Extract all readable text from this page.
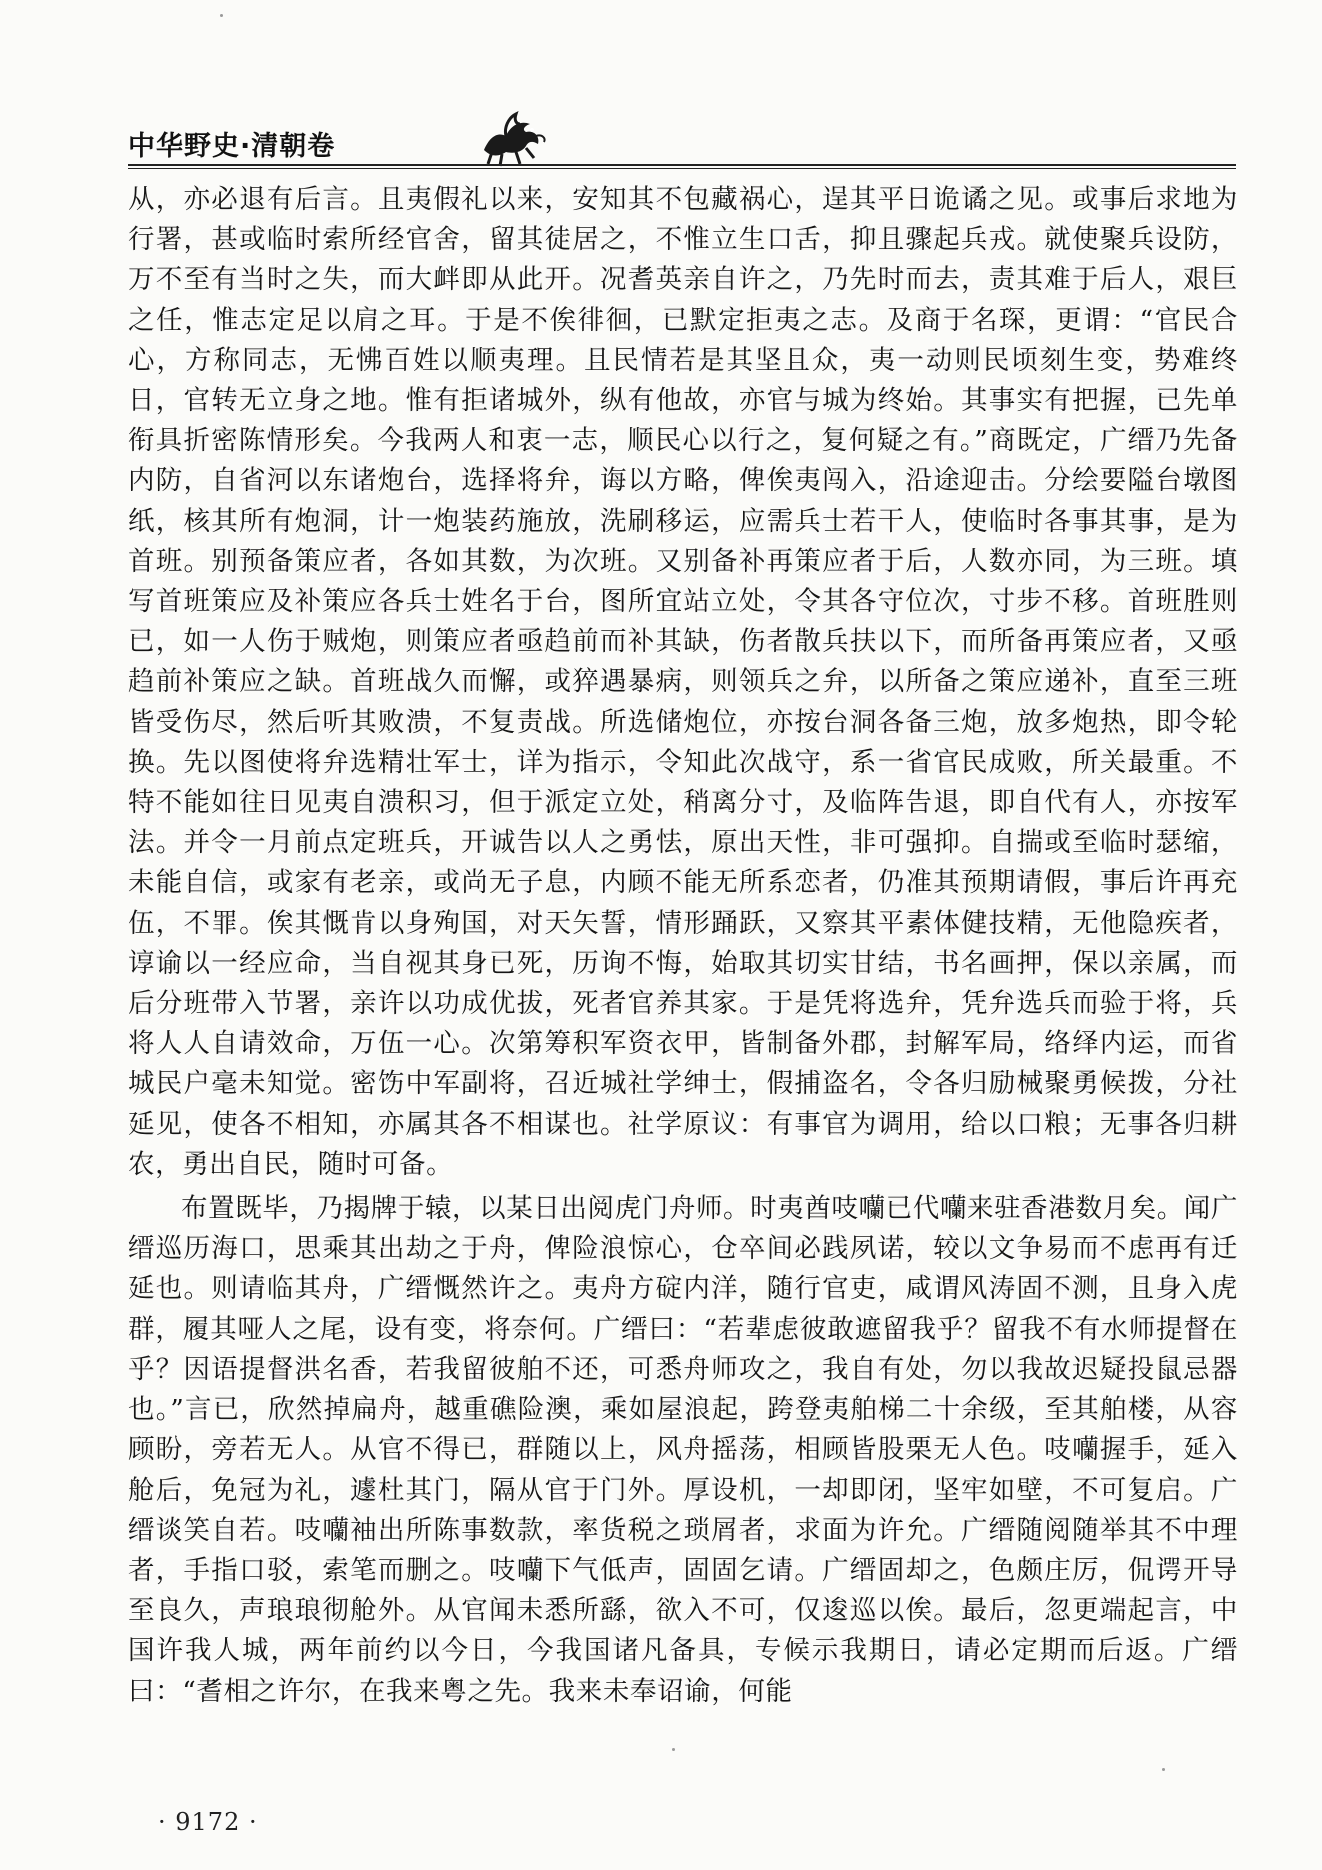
中华野史·清朝卷

从，亦必退有后言。且夷假礼以来，安知其不包藏祸心，逞其平日诡谲之见。或事后求地为行署，甚或临时索所经官舍，留其徒居之，不惟立生口舌，抑且骤起兵戎。就使聚兵设防，万不至有当时之失，而大衅即从此开。况耆英亲自许之，乃先时而去，责其难于后人，艰巨之任，惟志定足以肩之耳。于是不俟徘徊，已默定拒夷之志。及商于名琛，更谓：“官民合心，方称同志，无怫百姓以顺夷理。且民情若是其坚且众，夷一动则民顷刻生变，势难终日，官转无立身之地。惟有拒诸城外，纵有他故，亦官与城为终始。其事实有把握，已先单衔具折密陈情形矣。今我两人和衷一志，顺民心以行之，复何疑之有。”商既定，广缙乃先备内防，自省河以东诸炮台，选择将弁，诲以方略，俾俟夷闯入，沿途迎击。分绘要隘台墩图纸，核其所有炮洞，计一炮装药施放，洗刷移运，应需兵士若干人，使临时各事其事，是为首班。别预备策应者，各如其数，为次班。又别备补再策应者于后，人数亦同，为三班。填写首班策应及补策应各兵士姓名于台，图所宜站立处，令其各守位次，寸步不移。首班胜则已，如一人伤于贼炮，则策应者亟趋前而补其缺，伤者散兵扶以下，而所备再策应者，又亟趋前补策应之缺。首班战久而懈，或猝遇暴病，则领兵之弁，以所备之策应递补，直至三班皆受伤尽，然后听其败溃，不复责战。所选储炮位，亦按台洞各备三炮，放多炮热，即令轮换。先以图使将弁选精壮军士，详为指示，令知此次战守，系一省官民成败，所关最重。不特不能如往日见夷自溃积习，但于派定立处，稍离分寸，及临阵告退，即自代有人，亦按军法。并令一月前点定班兵，开诚告以人之勇怯，原出天性，非可强抑。自揣或至临时瑟缩，未能自信，或家有老亲，或尚无子息，内顾不能无所系恋者，仍准其预期请假，事后许再充伍，不罪。俟其慨肯以身殉国，对天矢誓，情形踊跃，又察其平素体健技精，无他隐疾者，谆谕以一经应命，当自视其身已死，历询不悔，始取其切实甘结，书名画押，保以亲属，而后分班带入节署，亲许以功成优拔，死者官养其家。于是凭将选弁，凭弁选兵而验于将，兵将人人自请效命，万伍一心。次第筹积军资衣甲，皆制备外郡，封解军局，络绎内运，而省城民户毫未知觉。密饬中军副将，召近城社学绅士，假捕盗名，令各归励械聚勇候拨，分社延见，使各不相知，亦属其各不相谋也。社学原议：有事官为调用，给以口粮；无事各归耕农，勇出自民，随时可备。

布置既毕，乃揭牌于辕，以某日出阅虎门舟师。时夷酋吱囒已代囒来驻香港数月矣。闻广缙巡历海口，思乘其出劫之于舟，俾险浪惊心，仓卒间必践夙诺，较以文争易而不虑再有迁延也。则请临其舟，广缙慨然许之。夷舟方碇内洋，随行官吏，咸谓风涛固不测，且身入虎群，履其哑人之尾，设有变，将奈何。广缙曰：“若辈虑彼敢遮留我乎？留我不有水师提督在乎？因语提督洪名香，若我留彼舶不还，可悉舟师攻之，我自有处，勿以我故迟疑投鼠忌器也。”言已，欣然掉扁舟，越重礁险澳，乘如屋浪起，跨登夷舶梯二十余级，至其舶楼，从容顾盼，旁若无人。从官不得已，群随以上，风舟摇荡，相顾皆股栗无人色。吱囒握手，延入舱后，免冠为礼，遽杜其门，隔从官于门外。厚设机，一却即闭，坚牢如壁，不可复启。广缙谈笑自若。吱囒袖出所陈事数款，率货税之琐屑者，求面为许允。广缙随阅随举其不中理者，手指口驳，索笔而删之。吱囒下气低声，固固乞请。广缙固却之，色颇庄厉，侃谔开导至良久，声琅琅彻舱外。从官闻未悉所繇，欲入不可，仅逡巡以俟。最后，忽更端起言，中国许我人城，两年前约以今日，今我国诸凡备具，专候示我期日，请必定期而后返。广缙曰：“耆相之许尔，在我来粤之先。我来未奉诏谕，何能

· 9172 ·
